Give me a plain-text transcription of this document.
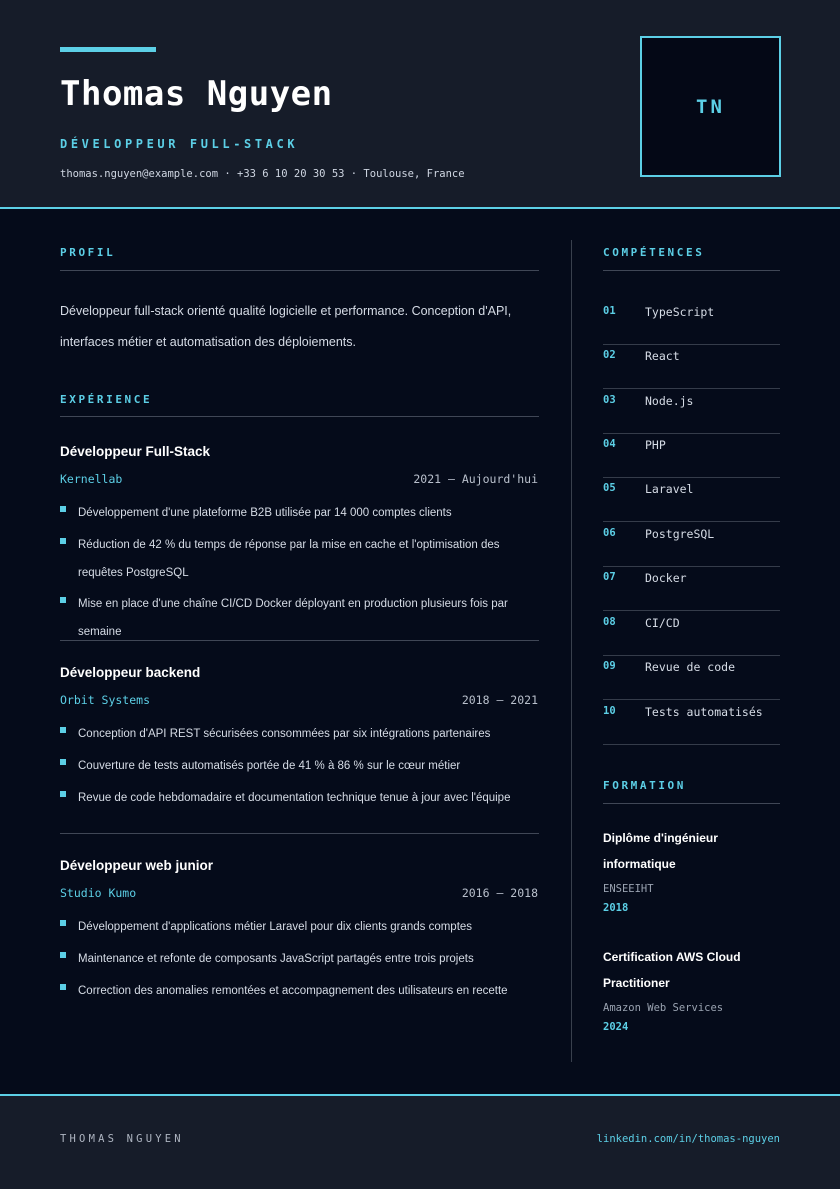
Thomas Nguyen
DÉVELOPPEUR FULL-STACK
thomas.nguyen@example.com · +33 6 10 20 30 53 · Toulouse, France
TN
PROFIL
Développeur full-stack orienté qualité logicielle et performance. Conception d'API, interfaces métier et automatisation des déploiements.
EXPÉRIENCE
Développeur Full-Stack
Kernellab	2021 — Aujourd'hui
Développement d'une plateforme B2B utilisée par 14 000 comptes clients
Réduction de 42 % du temps de réponse par la mise en cache et l'optimisation des requêtes PostgreSQL
Mise en place d'une chaîne CI/CD Docker déployant en production plusieurs fois par semaine
Développeur backend
Orbit Systems	2018 — 2021
Conception d'API REST sécurisées consommées par six intégrations partenaires
Couverture de tests automatisés portée de 41 % à 86 % sur le cœur métier
Revue de code hebdomadaire et documentation technique tenue à jour avec l'équipe
Développeur web junior
Studio Kumo	2016 — 2018
Développement d'applications métier Laravel pour dix clients grands comptes
Maintenance et refonte de composants JavaScript partagés entre trois projets
Correction des anomalies remontées et accompagnement des utilisateurs en recette
COMPÉTENCES
01	TypeScript
02	React
03	Node.js
04	PHP
05	Laravel
06	PostgreSQL
07	Docker
08	CI/CD
09	Revue de code
10	Tests automatisés
FORMATION
Diplôme d'ingénieur informatique
ENSEEIHT
2018
Certification AWS Cloud Practitioner
Amazon Web Services
2024
THOMAS NGUYEN	linkedin.com/in/thomas-nguyen
